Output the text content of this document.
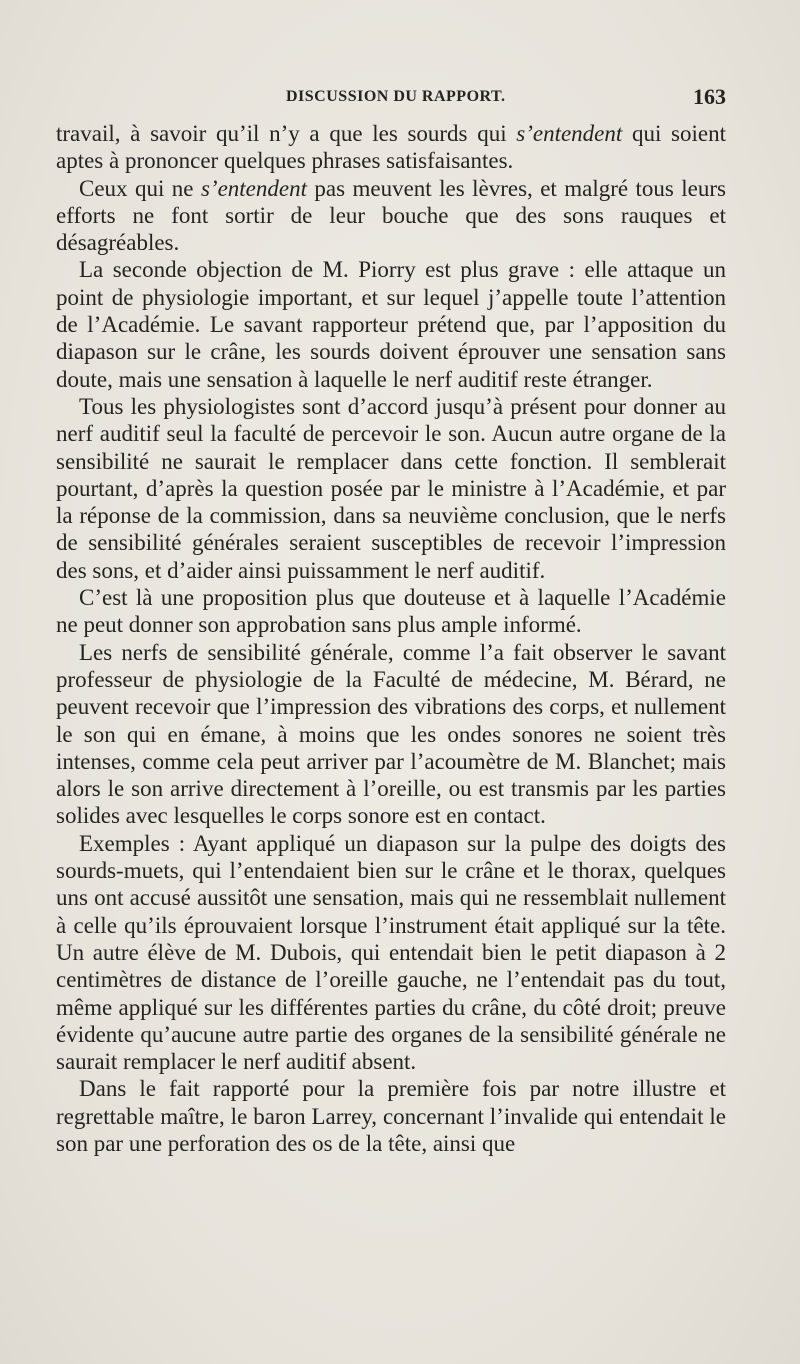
DISCUSSION DU RAPPORT.	163

travail, à savoir qu’il n’y a que les sourds qui s’entendent qui soient aptes à prononcer quelques phrases satisfaisantes.

Ceux qui ne s’entendent pas meuvent les lèvres, et malgré tous leurs efforts ne font sortir de leur bouche que des sons rauques et désagréables.

La seconde objection de M. Piorry est plus grave : elle attaque un point de physiologie important, et sur lequel j’appelle toute l’attention de l’Académie. Le savant rapporteur prétend que, par l’apposition du diapason sur le crâne, les sourds doivent éprouver une sensation sans doute, mais une sensation à laquelle le nerf auditif reste étranger.

Tous les physiologistes sont d’accord jusqu’à présent pour donner au nerf auditif seul la faculté de percevoir le son. Aucun autre organe de la sensibilité ne saurait le remplacer dans cette fonction. Il semblerait pourtant, d’après la question posée par le ministre à l’Académie, et par la réponse de la commission, dans sa neuvième conclusion, que le nerfs de sensibilité générales seraient susceptibles de recevoir l’impression des sons, et d’aider ainsi puissamment le nerf auditif.

C’est là une proposition plus que douteuse et à laquelle l’Académie ne peut donner son approbation sans plus ample informé.

Les nerfs de sensibilité générale, comme l’a fait observer le savant professeur de physiologie de la Faculté de médecine, M. Bérard, ne peuvent recevoir que l’impression des vibrations des corps, et nullement le son qui en émane, à moins que les ondes sonores ne soient très intenses, comme cela peut arriver par l’acoumètre de M. Blanchet; mais alors le son arrive directement à l’oreille, ou est transmis par les parties solides avec lesquelles le corps sonore est en contact.

Exemples : Ayant appliqué un diapason sur la pulpe des doigts des sourds-muets, qui l’entendaient bien sur le crâne et le thorax, quelques uns ont accusé aussitôt une sensation, mais qui ne ressemblait nullement à celle qu’ils éprouvaient lorsque l’instrument était appliqué sur la tête. Un autre élève de M. Dubois, qui entendait bien le petit diapason à 2 centimètres de distance de l’oreille gauche, ne l’entendait pas du tout, même appliqué sur les différentes parties du crâne, du côté droit; preuve évidente qu’aucune autre partie des organes de la sensibilité générale ne saurait remplacer le nerf auditif absent.

Dans le fait rapporté pour la première fois par notre illustre et regrettable maître, le baron Larrey, concernant l’invalide qui entendait le son par une perforation des os de la tête, ainsi que
